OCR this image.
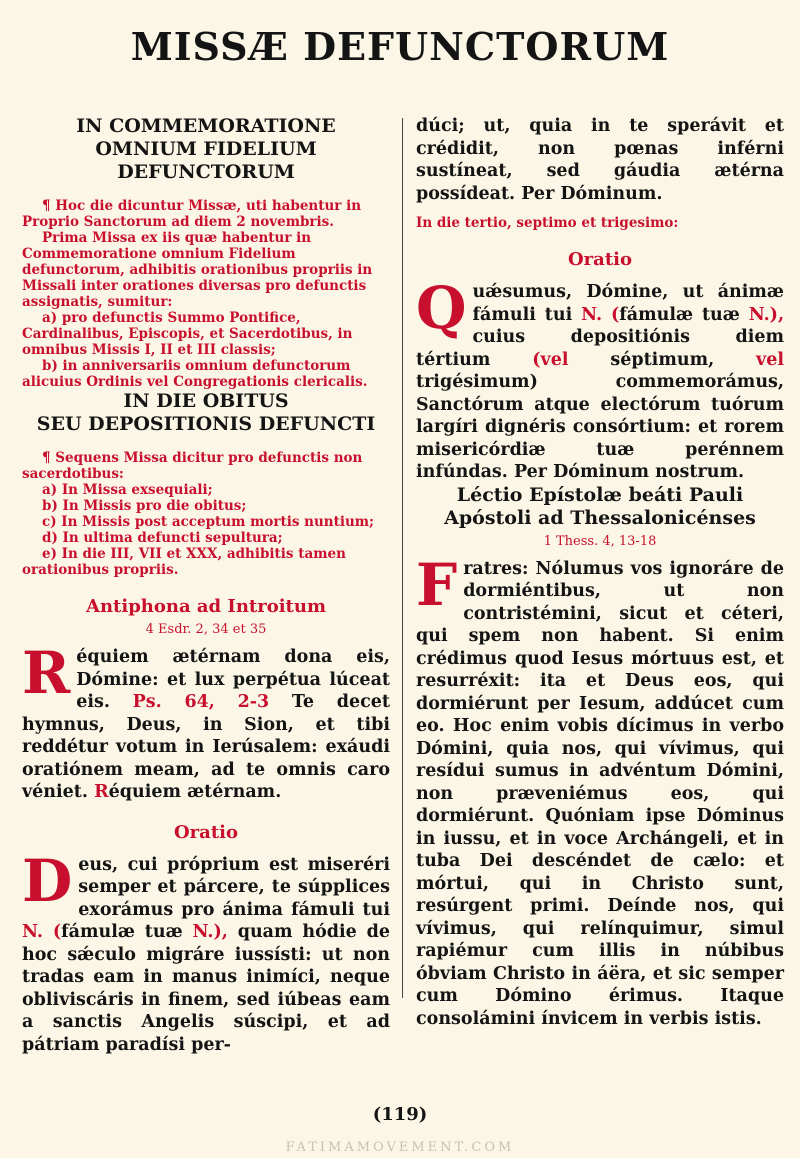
MISSÆ DEFUNCTORUM
IN COMMEMORATIONE
OMNIUM FIDELIUM
DEFUNCTORUM

¶ Hoc die dicuntur Missæ, uti habentur in Proprio Sanctorum ad diem 2 novembris.

Prima Missa ex iis quæ habentur in Commemoratione omnium Fidelium defunctorum, adhibitis orationibus propriis in Missali inter orationes diversas pro defunctis assignatis, sumitur:

a) pro defunctis Summo Pontifice, Cardinalibus, Episcopis, et Sacerdotibus, in omnibus Missis I, II et III classis;

b) in anniversariis omnium defunctorum alicuius Ordinis vel Congregationis clericalis.

IN DIE OBITUS
SEU DEPOSITIONIS DEFUNCTI

¶ Sequens Missa dicitur pro defunctis non sacerdotibus:

a) In Missa exsequiali;

b) In Missis pro die obitus;

c) In Missis post acceptum mortis nuntium;

d) In ultima defuncti sepultura;

e) In die III, VII et XXX, adhibitis tamen orationibus propriis.

Antiphona ad Introitum

4 Esdr. 2, 34 et 35

Réquiem ætérnam dona eis, Dómine: et lux perpétua lúceat eis. Ps. 64, 2-3 Te decet hymnus, Deus, in Sion, et tibi reddétur votum in Ierúsalem: exáudi oratiónem meam, ad te omnis caro véniet. Réquiem ætérnam.

Oratio

Deus, cui próprium est miseréri semper et párcere, te súpplices exorámus pro ánima fámuli tui N. (fámulæ tuæ N.), quam hódie de hoc sǽculo migráre iussísti: ut non tradas eam in manus inimíci, neque obliviscáris in finem, sed iúbeas eam a sanctis Angelis súscipi, et ad pátriam paradísi per-

dúci; ut, quia in te sperávit et crédidit, non pœnas inférni sustíneat, sed gáudia ætérna possídeat. Per Dóminum.

In die tertio, septimo et trigesimo:

Oratio

Quǽsumus, Dómine, ut ánimæ fámuli tui N. (fámulæ tuæ N.), cuius depositiónis diem tértium (vel séptimum, vel trigésimum)	commemorámus, Sanctórum atque electórum tuórum largíri dignéris consórtium: et rorem misericórdiæ tuæ perénnem infúndas. Per Dóminum nostrum.

Léctio Epístolæ beáti Pauli
Apóstoli ad Thessalonicénses

1 Thess. 4, 13-18

Fratres: Nólumus vos ignoráre de dormiéntibus, ut non contristémini, sicut et céteri, qui spem non habent. Si enim crédimus quod Iesus mórtuus est, et resurréxit: ita et Deus eos, qui dormiérunt per Iesum, addúcet cum eo. Hoc enim vobis dícimus in verbo Dómini, quia nos, qui vívimus, qui resídui sumus in advéntum Dómini, non præveniémus eos, qui dormiérunt. Quóniam ipse Dóminus in iussu, et in voce Archángeli, et in tuba Dei descéndet de cælo: et mórtui, qui in Christo sunt, resúrgent primi. Deínde nos, qui vívimus, qui relínquimur, simul rapiémur cum illis in núbibus óbviam Christo in áëra, et sic semper cum Dómino érimus. Itaque consolámini ínvicem in verbis istis.

(119)

FATIMAMOVEMENT.COM
